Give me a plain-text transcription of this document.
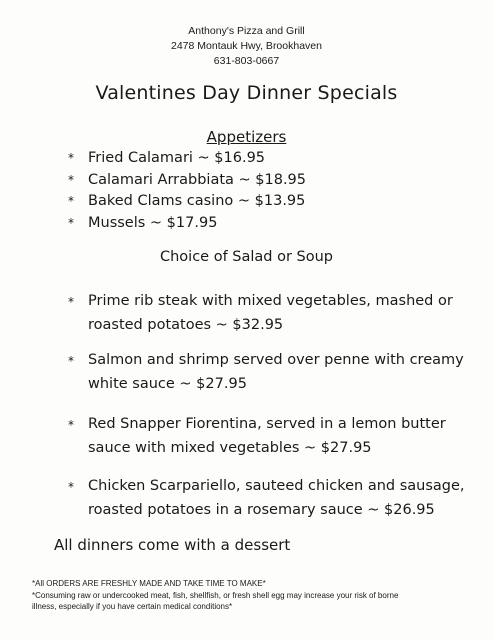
Anthony's Pizza and Grill
2478 Montauk Hwy, Brookhaven
631-803-0667
Valentines Day Dinner Specials
Appetizers
* Fried Calamari ~ $16.95
* Calamari Arrabbiata ~ $18.95
* Baked Clams casino ~ $13.95
* Mussels ~ $17.95
Choice of Salad or Soup
* Prime rib steak with mixed vegetables, mashed or
roasted potatoes ~ $32.95
* Salmon and shrimp served over penne with creamy
white sauce ~ $27.95
* Red Snapper Fiorentina, served in a lemon butter
sauce with mixed vegetables ~ $27.95
* Chicken Scarpariello, sauteed chicken and sausage,
roasted potatoes in a rosemary sauce ~ $26.95
All dinners come with a dessert
*All ORDERS ARE FRESHLY MADE AND TAKE TIME TO MAKE*
*Consuming raw or undercooked meat, fish, shellfish, or fresh shell egg may increase your risk of borne
illness, especially if you have certain medical conditions*
